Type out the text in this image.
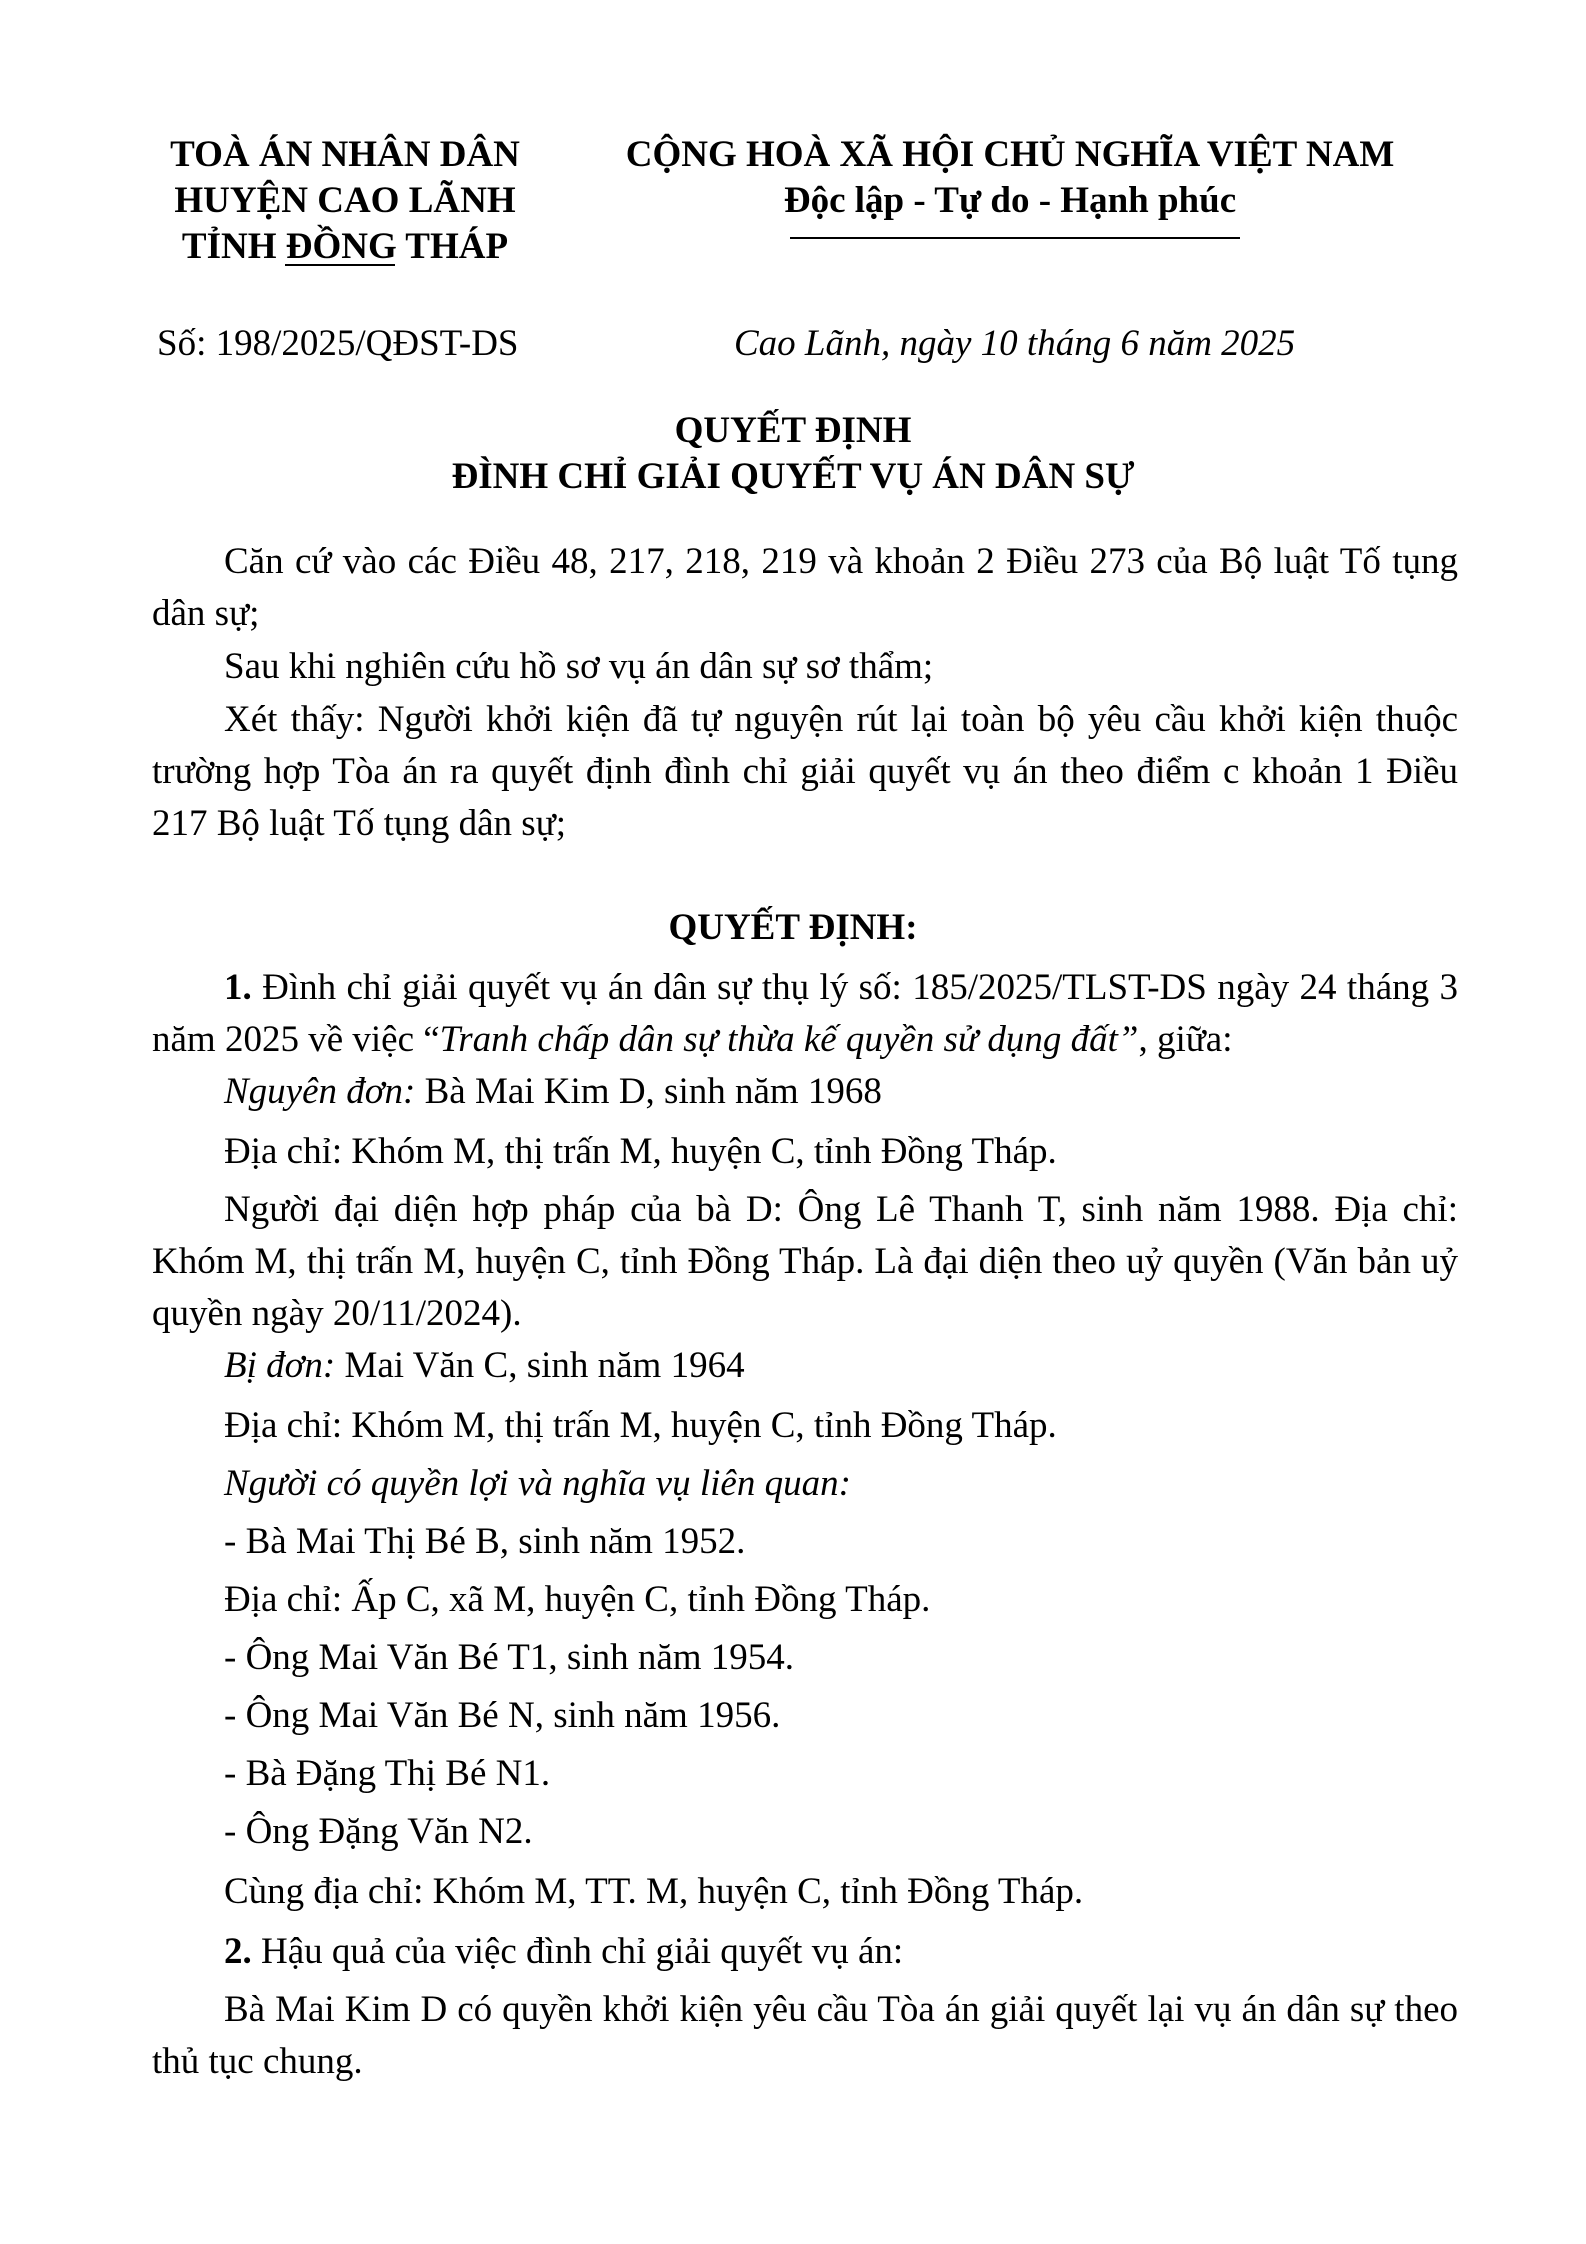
TOÀ ÁN NHÂN DÂN
HUYỆN CAO LÃNH
TỈNH ĐỒNG THÁP
CỘNG HOÀ XÃ HỘI CHỦ NGHĨA VIỆT NAM
Độc lập - Tự do - Hạnh phúc
Số: 198/2025/QĐST-DS	Cao Lãnh, ngày 10 tháng 6 năm 2025
QUYẾT ĐỊNH
ĐÌNH CHỈ GIẢI QUYẾT VỤ ÁN DÂN SỰ
Căn cứ vào các Điều 48, 217, 218, 219 và khoản 2 Điều 273 của Bộ luật Tố tụng dân sự;
Sau khi nghiên cứu hồ sơ vụ án dân sự sơ thẩm;
Xét thấy: Người khởi kiện đã tự nguyện rút lại toàn bộ yêu cầu khởi kiện thuộc trường hợp Tòa án ra quyết định đình chỉ giải quyết vụ án theo điểm c khoản 1 Điều 217 Bộ luật Tố tụng dân sự;
QUYẾT ĐỊNH:
1. Đình chỉ giải quyết vụ án dân sự thụ lý số: 185/2025/TLST-DS ngày 24 tháng 3 năm 2025 về việc “Tranh chấp dân sự thừa kế quyền sử dụng đất”, giữa:
Nguyên đơn: Bà Mai Kim D, sinh năm 1968
Địa chỉ: Khóm M, thị trấn M, huyện C, tỉnh Đồng Tháp.
Người đại diện hợp pháp của bà D: Ông Lê Thanh T, sinh năm 1988. Địa chỉ: Khóm M, thị trấn M, huyện C, tỉnh Đồng Tháp. Là đại diện theo uỷ quyền (Văn bản uỷ quyền ngày 20/11/2024).
Bị đơn: Mai Văn C, sinh năm 1964
Địa chỉ: Khóm M, thị trấn M, huyện C, tỉnh Đồng Tháp.
Người có quyền lợi và nghĩa vụ liên quan:
- Bà Mai Thị Bé B, sinh năm 1952.
Địa chỉ: Ấp C, xã M, huyện C, tỉnh Đồng Tháp.
- Ông Mai Văn Bé T1, sinh năm 1954.
- Ông Mai Văn Bé N, sinh năm 1956.
- Bà Đặng Thị Bé N1.
- Ông Đặng Văn N2.
Cùng địa chỉ: Khóm M, TT. M, huyện C, tỉnh Đồng Tháp.
2. Hậu quả của việc đình chỉ giải quyết vụ án:
Bà Mai Kim D có quyền khởi kiện yêu cầu Tòa án giải quyết lại vụ án dân sự theo thủ tục chung.
